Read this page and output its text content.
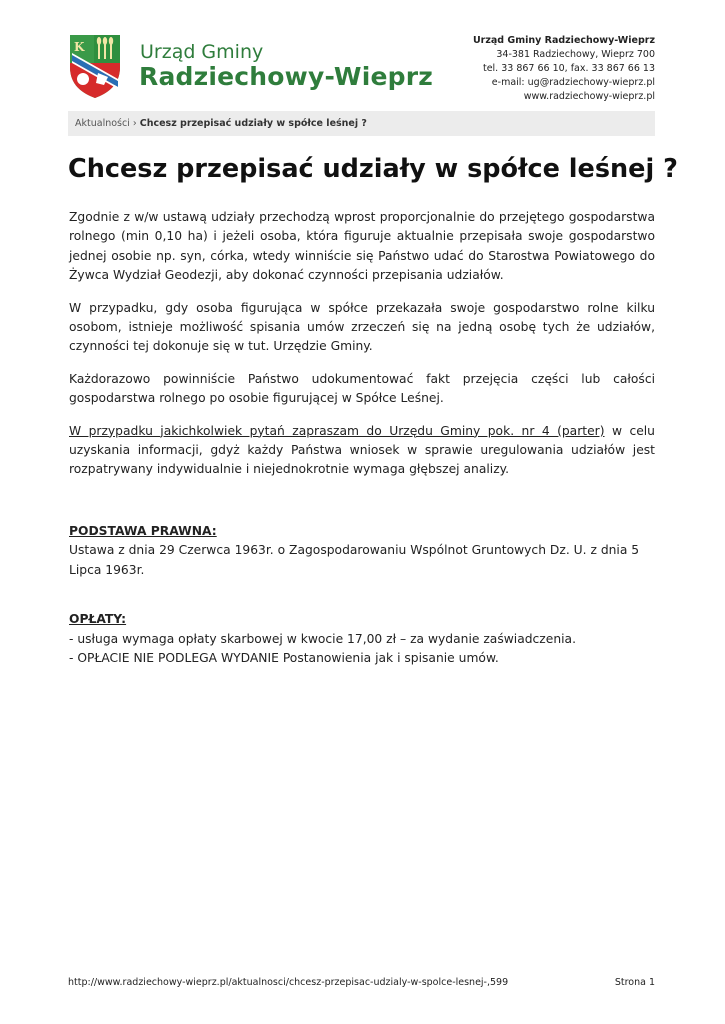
K	Urząd Gminy
Radziechowy-Wieprz
Urząd Gminy Radziechowy-Wieprz
34-381 Radziechowy, Wieprz 700
tel. 33 867 66 10, fax. 33 867 66 13
e-mail: ug@radziechowy-wieprz.pl
www.radziechowy-wieprz.pl
Aktualności › Chcesz przepisać udziały w spółce leśnej ?
Chcesz przepisać udziały w spółce leśnej ?

Zgodnie z w/w ustawą udziały przechodzą wprost proporcjonalnie do przejętego gospodarstwa rolnego (min 0,10 ha) i jeżeli osoba, która figuruje aktualnie przepisała swoje gospodarstwo jednej osobie np. syn, córka, wtedy winniście się Państwo udać do Starostwa Powiatowego do Żywca Wydział Geodezji, aby dokonać czynności przepisania udziałów.

W przypadku, gdy osoba figurująca w spółce przekazała swoje gospodarstwo rolne kilku osobom, istnieje możliwość spisania umów zrzeczeń się na jedną osobę tych że udziałów, czynności tej dokonuje się w tut. Urzędzie Gminy.

Każdorazowo powinniście Państwo udokumentować fakt przejęcia części lub całości gospodarstwa rolnego po osobie figurującej w Spółce Leśnej.

W przypadku jakichkolwiek pytań zapraszam do Urzędu Gminy pok. nr 4 (parter) w celu uzyskania informacji, gdyż każdy Państwa wniosek w sprawie uregulowania udziałów jest rozpatrywany indywidualnie i niejednokrotnie wymaga głębszej analizy.

PODSTAWA PRAWNA:
Ustawa z dnia 29 Czerwca 1963r. o Zagospodarowaniu Wspólnot Gruntowych Dz. U. z dnia 5 Lipca 1963r.
OPŁATY:
- usługa wymaga opłaty skarbowej w kwocie 17,00 zł – za wydanie zaświadczenia.
- OPŁACIE NIE PODLEGA WYDANIE Postanowienia jak i spisanie umów.
http://www.radziechowy-wieprz.pl/aktualnosci/chcesz-przepisac-udzialy-w-spolce-lesnej-,599	Strona 1
